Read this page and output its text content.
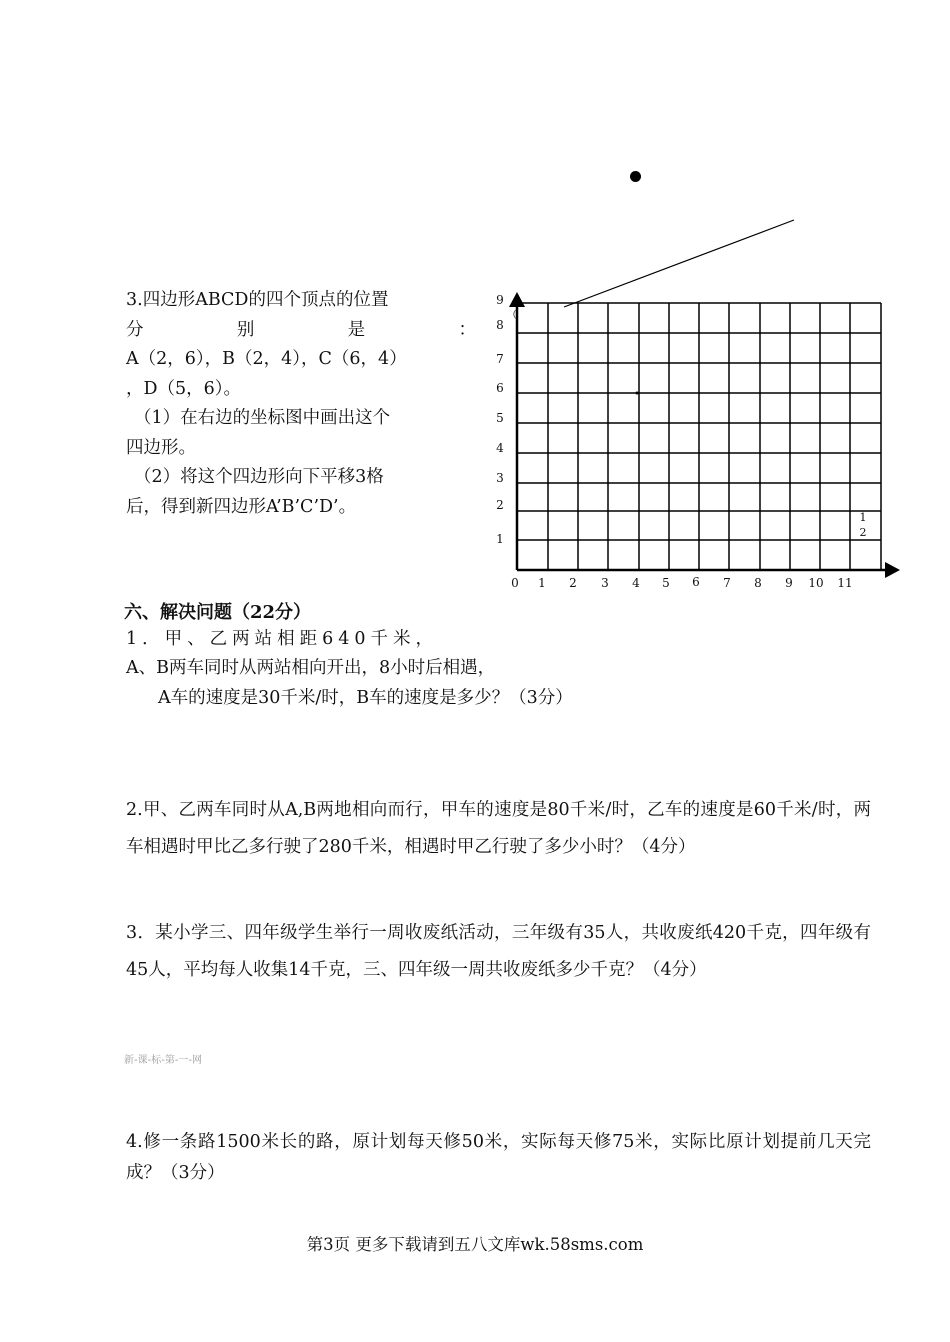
3.四边形ABCD的四个顶点的位置

分	别	是	：

A（2，6），B（2，4），C（6，4）

，D（5，6）。

（1）在右边的坐标图中画出这个

四边形。

（2）将这个四边形向下平移3格

后，得到新四边形A’B’C’D’。

0 1 2 3 4 5 6 7 8 9 10 11
1
2
3
4
5
6
7
8
9
（
1
2
六、解决问题（22分）
1．甲、乙两站相距640千米，
A、B两车同时从两站相向开出，8小时后相遇，
A车的速度是30千米/时，B车的速度是多少？（3分）
2.甲、乙两车同时从A,B两地相向而行，甲车的速度是80千米/时，乙车的速度是60千米/时，两车相遇时甲比乙多行驶了280千米，相遇时甲乙行驶了多少小时？（4分）
3．某小学三、四年级学生举行一周收废纸活动，三年级有35人，共收废纸420千克，四年级有45人，平均每人收集14千克，三、四年级一周共收废纸多少千克？（4分）
新-课-标-第-一-网
4.修一条路1500米长的路，原计划每天修50米，实际每天修75米，实际比原计划提前几天完成？（3分）
第3页 更多下载请到五八文库wk.58sms.com
